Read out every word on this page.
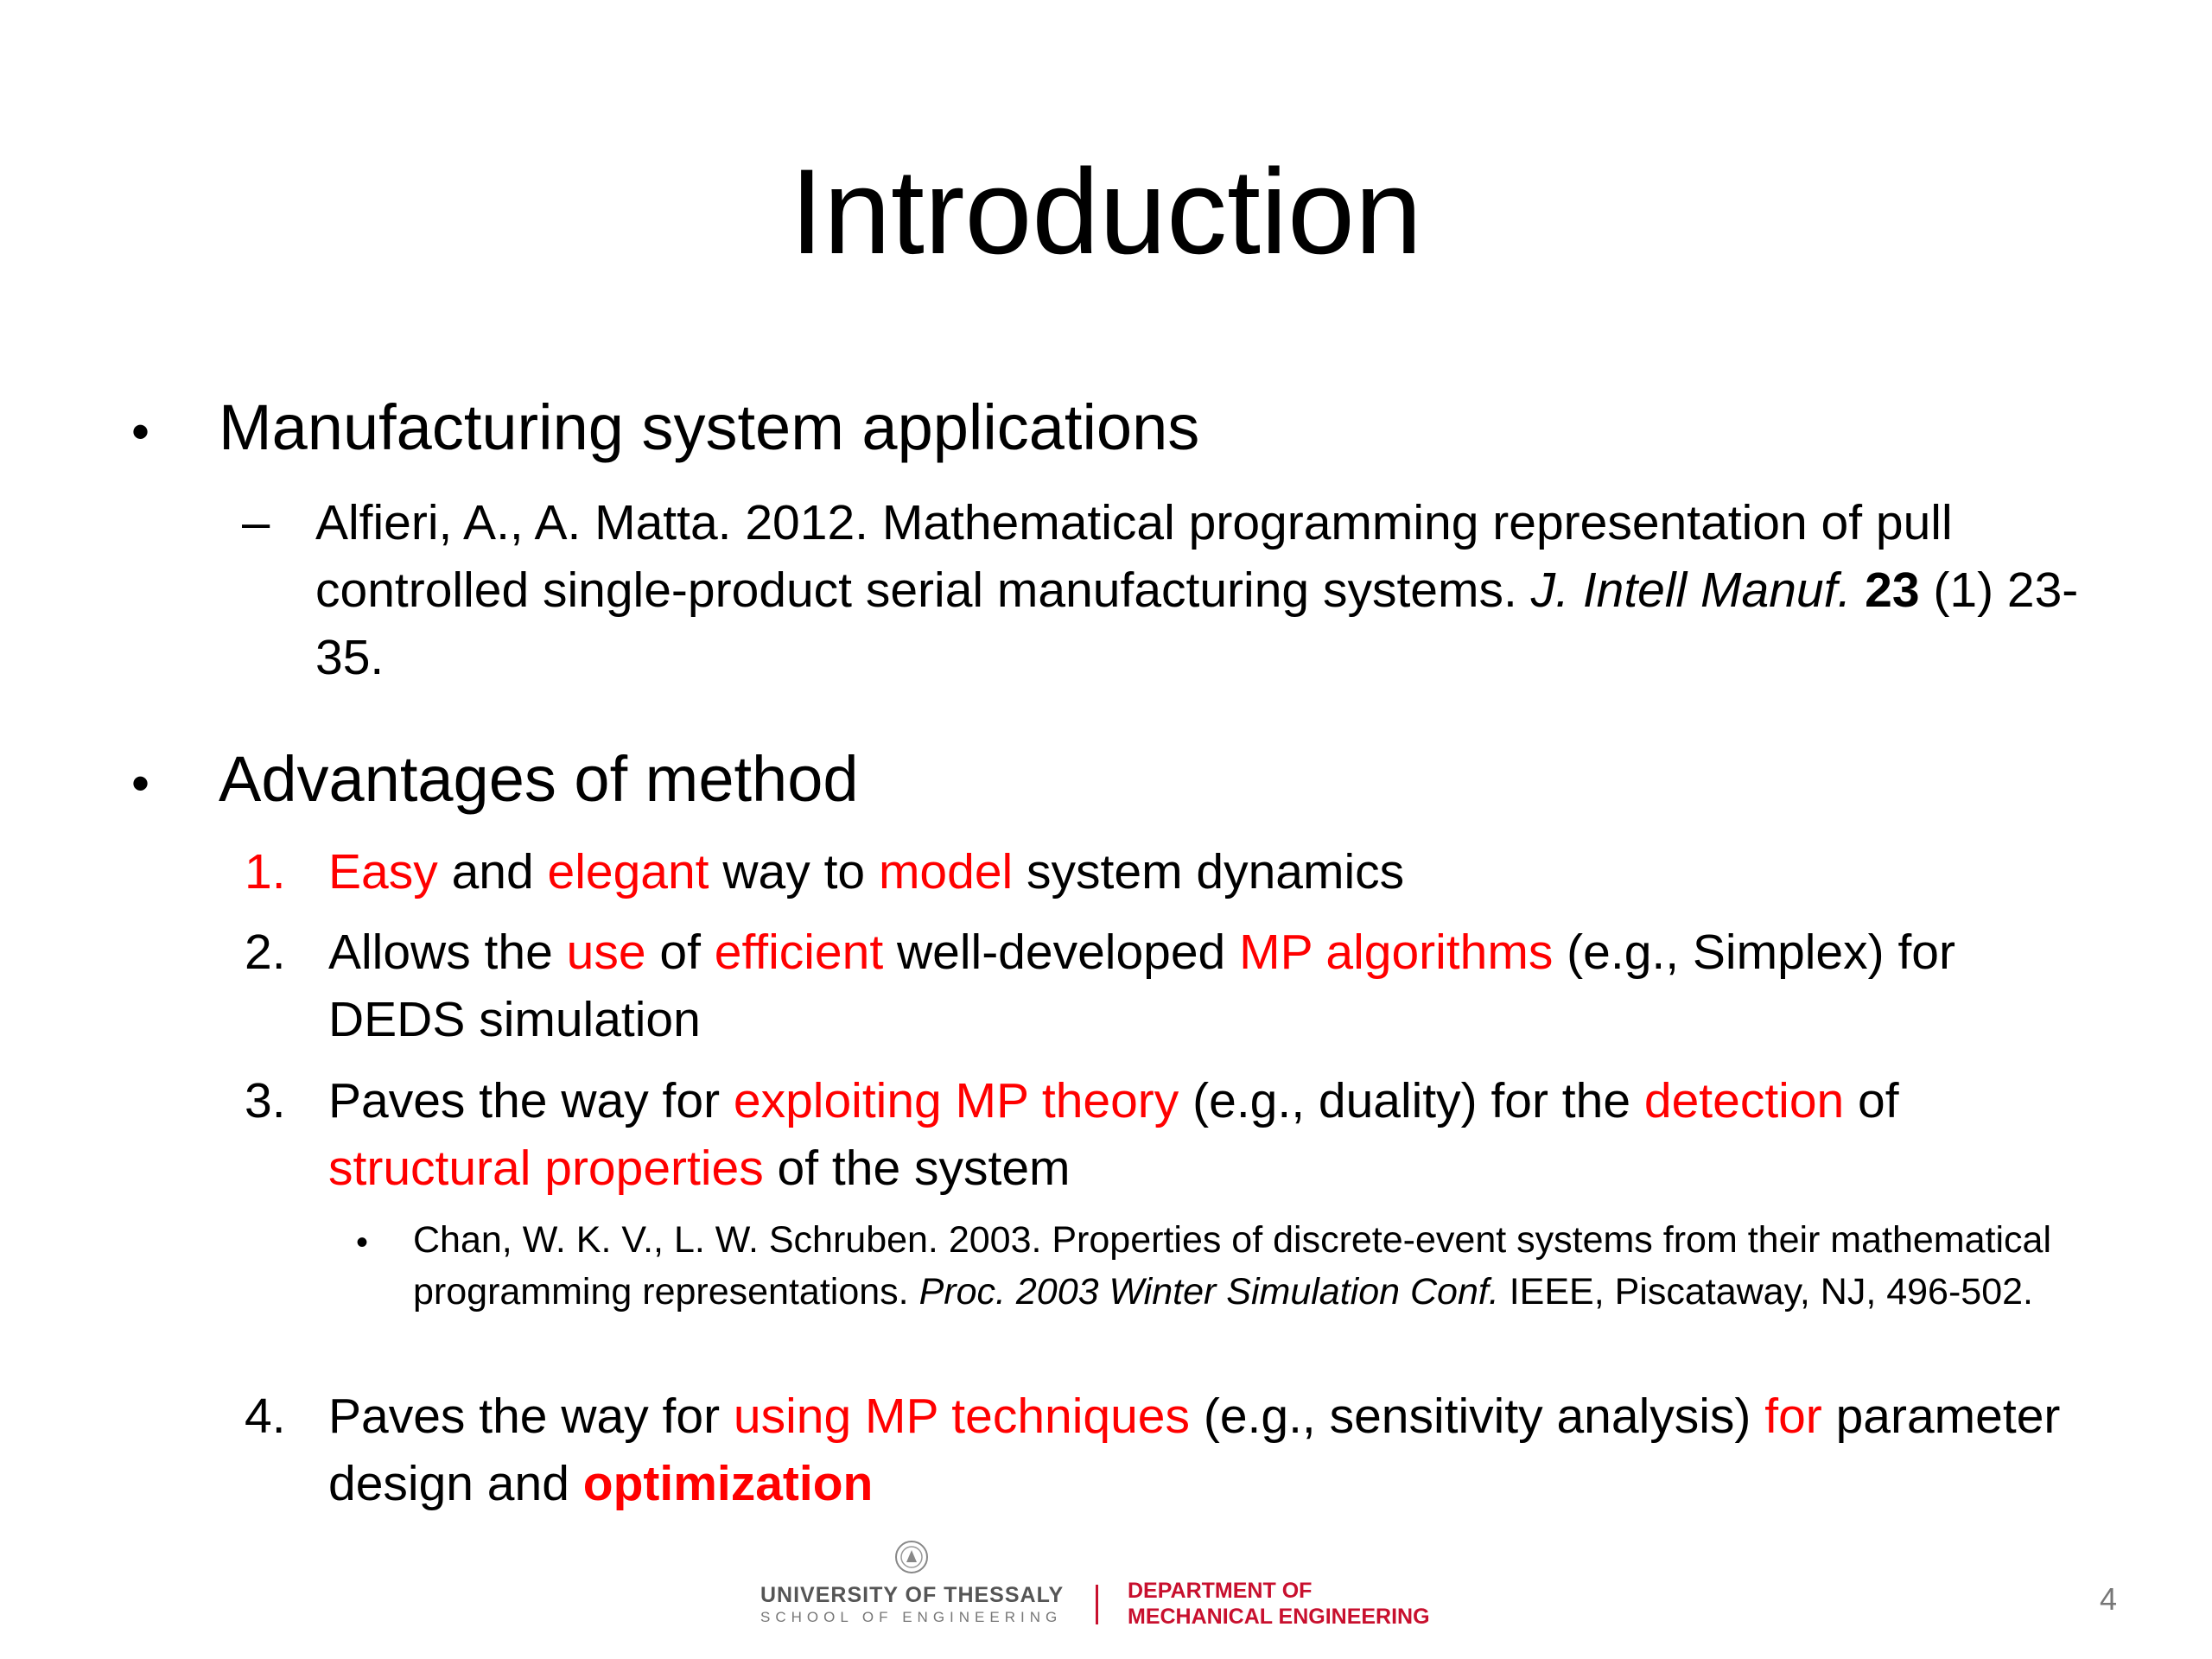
Introduction
• Manufacturing system applications
– Alfieri, A., A. Matta. 2012. Mathematical programming representation of pull controlled single-product serial manufacturing systems. J. Intell Manuf. 23 (1) 23-35.
• Advantages of method
1. Easy and elegant way to model system dynamics
2. Allows the use of efficient well-developed MP algorithms (e.g., Simplex) for DEDS simulation
3. Paves the way for exploiting MP theory (e.g., duality) for the detection of structural properties of the system
• Chan, W. K. V., L. W. Schruben. 2003. Properties of discrete-event systems from their mathematical programming representations. Proc. 2003 Winter Simulation Conf. IEEE, Piscataway, NJ, 496-502.
4. Paves the way for using MP techniques (e.g., sensitivity analysis) for parameter design and optimization
UNIVERSITY OF THESSALY
SCHOOL OF ENGINEERING
DEPARTMENT OF
MECHANICAL ENGINEERING	4
